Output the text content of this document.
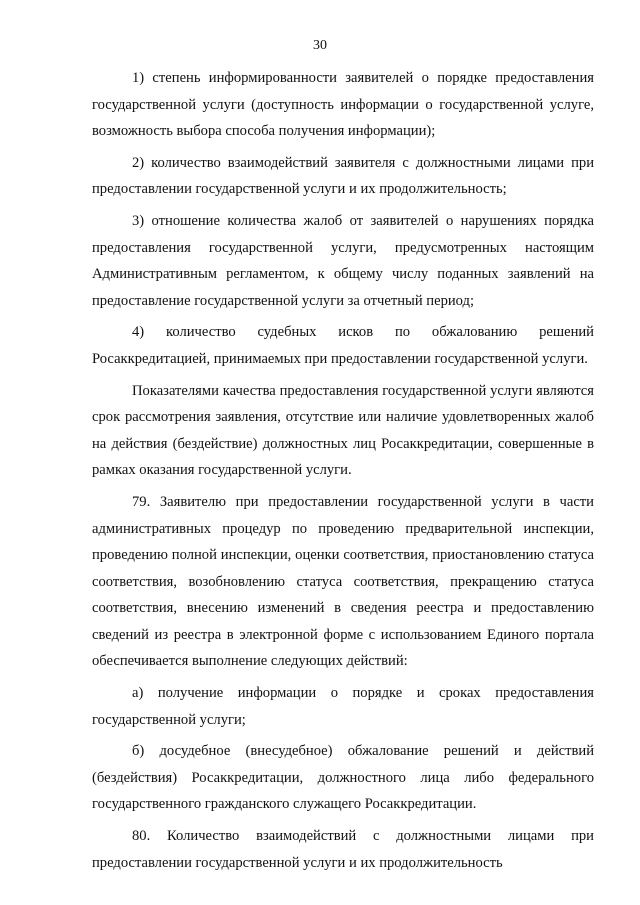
30

1) степень информированности заявителей о порядке предоставления государственной услуги (доступность информации о государственной услуге, возможность выбора способа получения информации);

2) количество взаимодействий заявителя с должностными лицами при предоставлении государственной услуги и их продолжительность;

3) отношение количества жалоб от заявителей о нарушениях порядка предоставления государственной услуги, предусмотренных настоящим Административным регламентом, к общему числу поданных заявлений на предоставление государственной услуги за отчетный период;

4) количество судебных исков по обжалованию решений Росаккредитацией, принимаемых при предоставлении государственной услуги.

Показателями качества предоставления государственной услуги являются срок рассмотрения заявления, отсутствие или наличие удовлетворенных жалоб на действия (бездействие) должностных лиц Росаккредитации, совершенные в рамках оказания государственной услуги.

79. Заявителю при предоставлении государственной услуги в части административных процедур по проведению предварительной инспекции, проведению полной инспекции, оценки соответствия, приостановлению статуса соответствия, возобновлению статуса соответствия, прекращению статуса соответствия, внесению изменений в сведения реестра и предоставлению сведений из реестра в электронной форме с использованием Единого портала обеспечивается выполнение следующих действий:

а) получение информации о порядке и сроках предоставления государственной услуги;

б) досудебное (внесудебное) обжалование решений и действий (бездействия) Росаккредитации, должностного лица либо федерального государственного гражданского служащего Росаккредитации.

80. Количество взаимодействий с должностными лицами при предоставлении государственной услуги и их продолжительность
